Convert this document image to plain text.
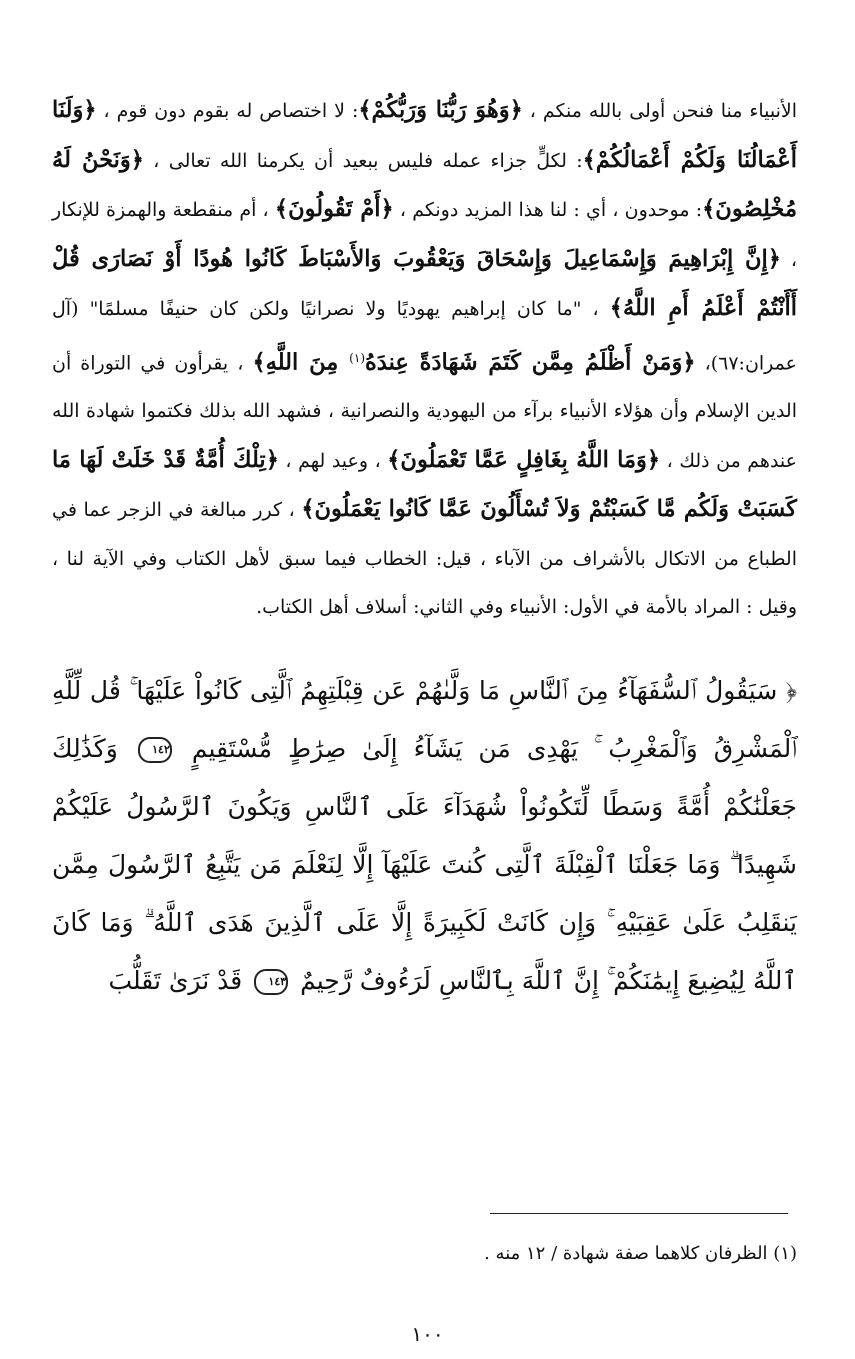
الأنبياء منا فنحن أولى بالله منكم ، ﴿وَهُوَ رَبُّنَا وَرَبُّكُمْ﴾: لا اختصاص له بقوم دون قوم ، ﴿وَلَنَا أَعْمَالُنَا وَلَكُمْ أَعْمَالُكُمْ﴾: لكلٍّ جزاء عمله فليس ببعيد أن يكرمنا الله تعالى ، ﴿وَنَحْنُ لَهُ مُخْلِصُونَ﴾: موحدون ، أي : لنا هذا المزيد دونكم ، ﴿أَمْ تَقُولُونَ﴾ ، أم منقطعة والهمزة للإنكار ، ﴿إِنَّ إِبْرَاهِيمَ وَإِسْمَاعِيلَ وَإِسْحَاقَ وَيَعْقُوبَ وَالأَسْبَاطَ كَانُوا هُودًا أَوْ نَصَارَى قُلْ أَأَنْتُمْ أَعْلَمُ أَمِ اللَّهُ﴾ ، "ما كان إبراهيم يهوديًا ولا نصرانيًا ولكن كان حنيفًا مسلمًا" (آل عمران:٦٧)، ﴿وَمَنْ أَظْلَمُ مِمَّن كَتَمَ شَهَادَةً عِندَهُ$^{(١)}$ مِنَ اللَّهِ﴾ ، يقرأون في التوراة أن الدين الإسلام وأن هؤلاء الأنبياء برآء من اليهودية والنصرانية ، فشهد الله بذلك فكتموا شهادة الله عندهم من ذلك ، ﴿وَمَا اللَّهُ بِغَافِلٍ عَمَّا تَعْمَلُونَ﴾ ، وعيد لهم ، ﴿تِلْكَ أُمَّةٌ قَدْ خَلَتْ لَهَا مَا كَسَبَتْ وَلَكُم مَّا كَسَبْتُمْ وَلاَ تُسْأَلُونَ عَمَّا كَانُوا يَعْمَلُونَ﴾ ، كرر مبالغة في الزجر عما في الطباع من الاتكال بالأشراف من الآباء ، قيل: الخطاب فيما سبق لأهل الكتاب وفي الآية لنا ، وقيل : المراد بالأمة في الأول: الأنبياء وفي الثاني: أسلاف أهل الكتاب.

﴿ سَيَقُولُ ٱلسُّفَهَآءُ مِنَ ٱلنَّاسِ مَا وَلَّىٰهُمْ عَن قِبْلَتِهِمُ ٱلَّتِى كَانُواْ عَلَيْهَا ۚ قُل لِّلَّهِ ٱلْمَشْرِقُ وَٱلْمَغْرِبُ ۚ يَهْدِى مَن يَشَآءُ إِلَىٰ صِرَٰطٍ مُّسْتَقِيمٍ ١٤٢ وَكَذَٰلِكَ جَعَلْنَٰكُمْ أُمَّةً وَسَطًا لِّتَكُونُواْ شُهَدَآءَ عَلَى ٱلنَّاسِ وَيَكُونَ ٱلرَّسُولُ عَلَيْكُمْ شَهِيدًا ۗ وَمَا جَعَلْنَا ٱلْقِبْلَةَ ٱلَّتِى كُنتَ عَلَيْهَآ إِلَّا لِنَعْلَمَ مَن يَتَّبِعُ ٱلرَّسُولَ مِمَّن يَنقَلِبُ عَلَىٰ عَقِبَيْهِ ۚ وَإِن كَانَتْ لَكَبِيرَةً إِلَّا عَلَى ٱلَّذِينَ هَدَى ٱللَّهُ ۗ وَمَا كَانَ ٱللَّهُ لِيُضِيعَ إِيمَٰنَكُمْ ۚ إِنَّ ٱللَّهَ بِٱلنَّاسِ لَرَءُوفٌ رَّحِيمٌ ١٤٣ قَدْ نَرَىٰ تَقَلُّبَ

(١) الظرفان كلاهما صفة شهادة / ١٢ منه .
١٠٠
